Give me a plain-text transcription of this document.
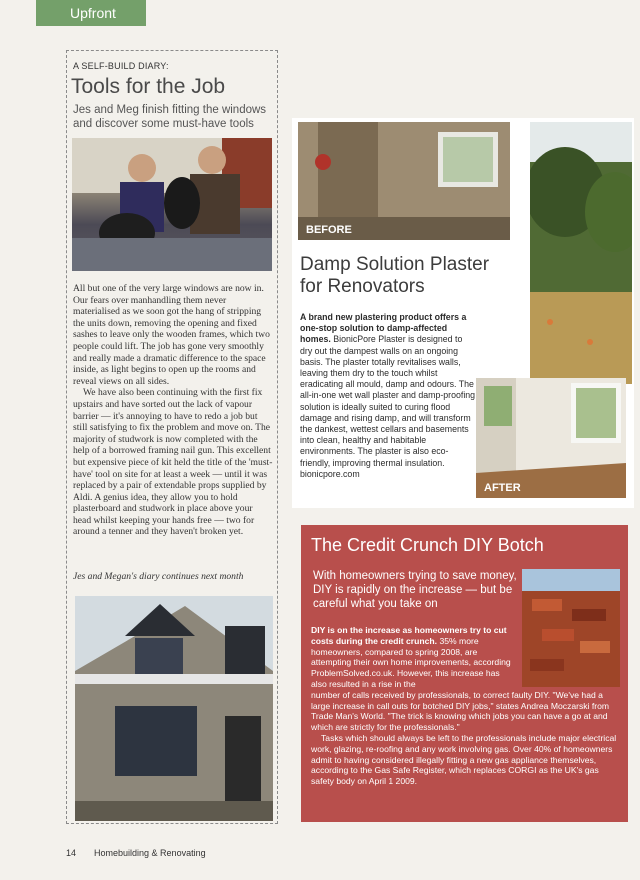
Upfront
A SELF-BUILD DIARY:
Tools for the Job
Jes and Meg finish fitting the windows and discover some must-have tools

All but one of the very large windows are now in. Our fears over manhandling them never materialised as we soon got the hang of stripping the units down, removing the opening and fixed sashes to leave only the wooden frames, which two people could lift. The job has gone very smoothly and really made a dramatic difference to the space inside, as light begins to open up the rooms and reveal views on all sides.

We have also been continuing with the first fix upstairs and have sorted out the lack of vapour barrier — it's annoying to have to redo a job but still satisfying to fix the problem and move on. The majority of studwork is now completed with the help of a borrowed framing nail gun. This excellent but expensive piece of kit held the title of the 'must-have' tool on site for at least a week — until it was replaced by a pair of extendable props supplied by Aldi. A genius idea, they allow you to hold plasterboard and studwork in place above your head whilst keeping your hands free — two for around a tenner and they haven't broken yet.

Jes and Megan's diary continues next month
BEFORE
Damp Solution Plaster
for Renovators
A brand new plastering product offers a one-stop solution to damp-affected homes. BionicPore Plaster is designed to dry out the dampest walls on an ongoing basis. The plaster totally revitalises walls, leaving them dry to the touch whilst eradicating all mould, damp and odours. The all-in-one wet wall plaster and damp-proofing solution is ideally suited to curing flood damage and rising damp, and will transform the dankest, wettest cellars and basements into clean, healthy and habitable environments. The plaster is also eco-friendly, improving thermal insulation. bionicpore.com
AFTER
The Credit Crunch DIY Botch
With homeowners trying to save money, DIY is rapidly on the increase — but be careful what you take on

DIY is on the increase as homeowners try to cut costs during the credit crunch. 35% more homeowners, compared to spring 2008, are attempting their own home improvements, according ProblemSolved.co.uk. However, this increase has also resulted in a rise in the

number of calls received by professionals, to correct faulty DIY. "We've had a large increase in call outs for botched DIY jobs," states Andrea Moczarski from Trade Man's World. "The trick is knowing which jobs you can have a go at and which are strictly for the professionals."

Tasks which should always be left to the professionals include major electrical work, glazing, re-roofing and any work involving gas. Over 40% of homeowners admit to having considered illegally fitting a new gas appliance themselves, according to the Gas Safe Register, which replaces CORGI as the UK's gas safety body on April 1 2009.

14 Homebuilding & Renovating
